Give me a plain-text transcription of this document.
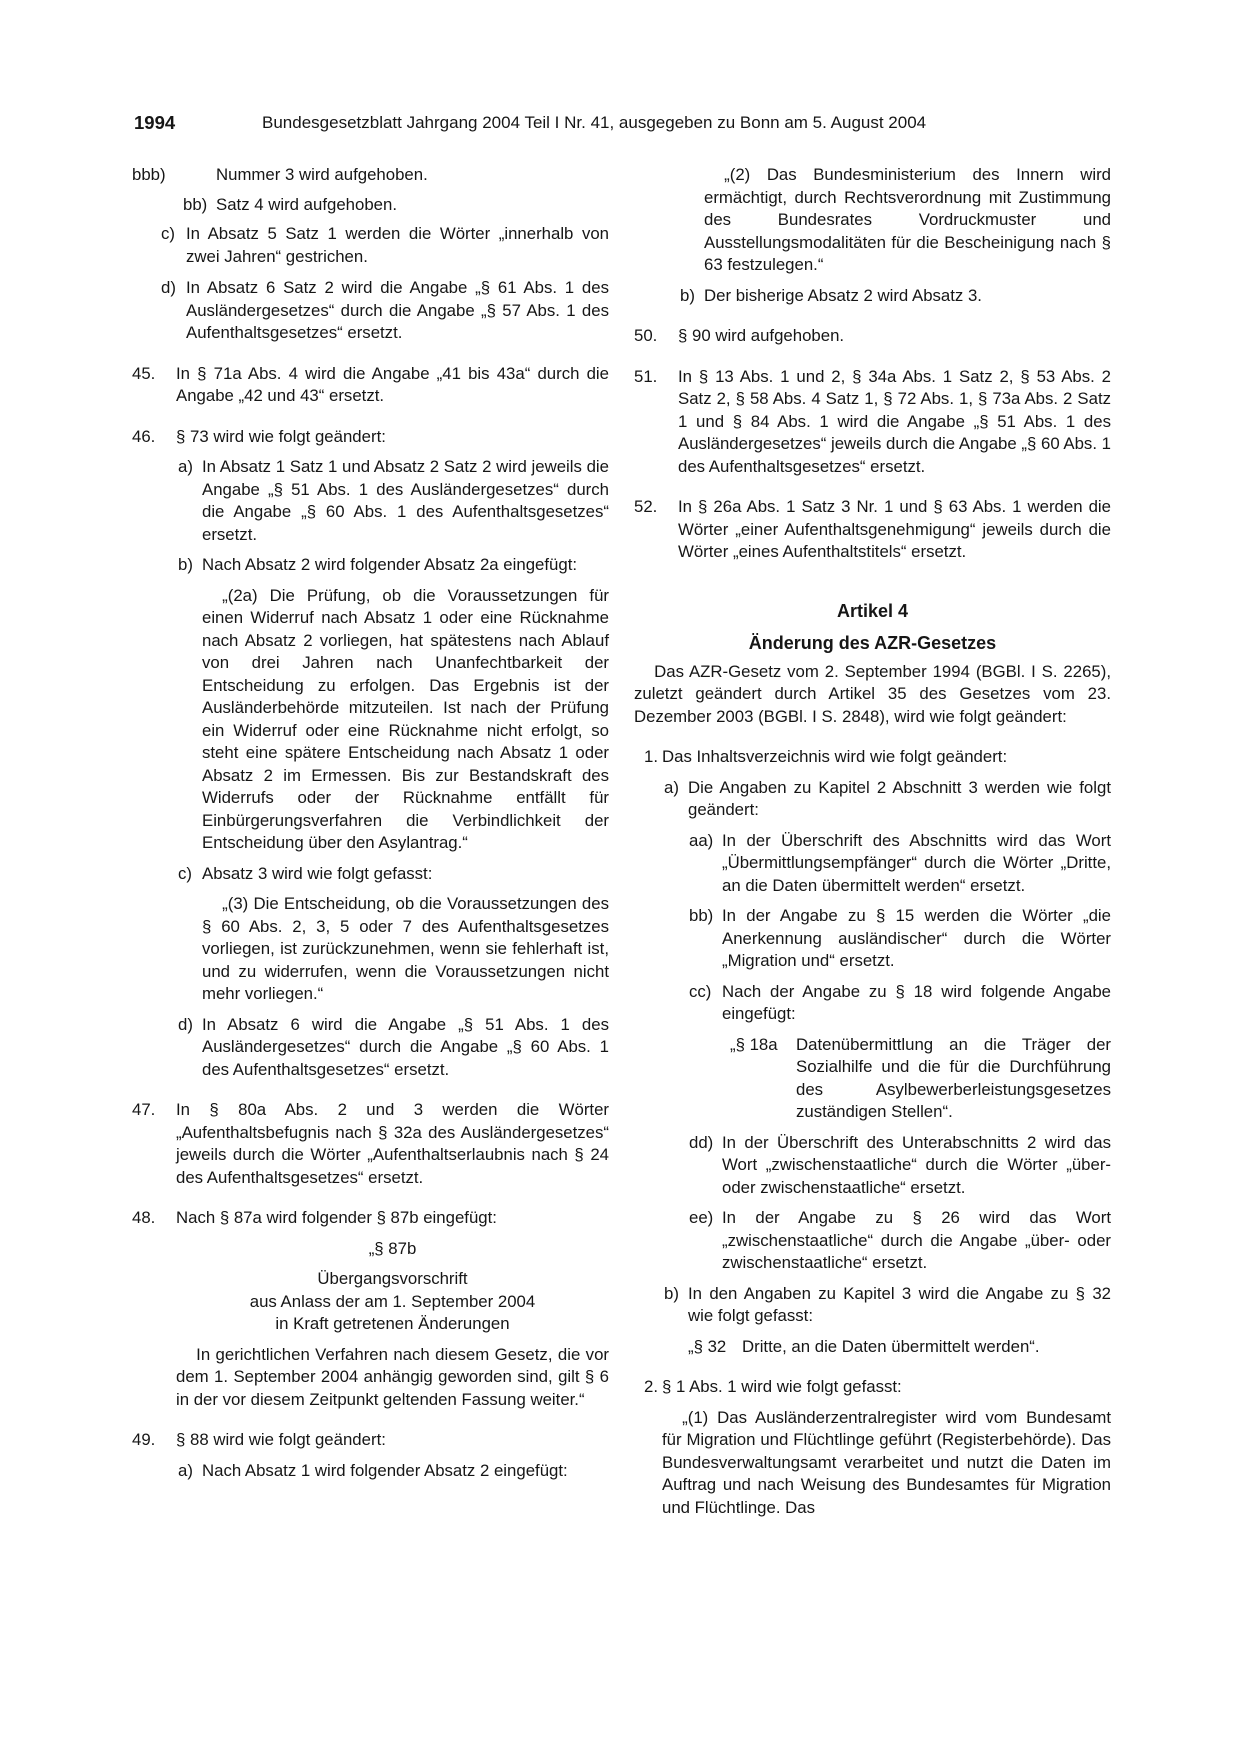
1994	Bundesgesetzblatt Jahrgang 2004 Teil I Nr. 41, ausgegeben zu Bonn am 5. August 2004
bbb)	Nummer 3 wird aufgehoben.

bb) Satz 4 wird aufgehoben.
c) In Absatz 5 Satz 1 werden die Wörter „innerhalb von zwei Jahren“ gestrichen.
d) In Absatz 6 Satz 2 wird die Angabe „§ 61 Abs. 1 des Ausländergesetzes“ durch die Angabe „§ 57 Abs. 1 des Aufenthaltsgesetzes“ ersetzt.
45. In § 71a Abs. 4 wird die Angabe „41 bis 43a“ durch die Angabe „42 und 43“ ersetzt.
46. § 73 wird wie folgt geändert:
a) In Absatz 1 Satz 1 und Absatz 2 Satz 2 wird jeweils die Angabe „§ 51 Abs. 1 des Ausländergesetzes“ durch die Angabe „§ 60 Abs. 1 des Aufenthaltsgesetzes“ ersetzt.
b) Nach Absatz 2 wird folgender Absatz 2a eingefügt:
„(2a) Die Prüfung, ob die Voraussetzungen für einen Widerruf nach Absatz 1 oder eine Rücknahme nach Absatz 2 vorliegen, hat spätestens nach Ablauf von drei Jahren nach Unanfechtbarkeit der Entscheidung zu erfolgen. Das Ergebnis ist der Ausländerbehörde mitzuteilen. Ist nach der Prüfung ein Widerruf oder eine Rücknahme nicht erfolgt, so steht eine spätere Entscheidung nach Absatz 1 oder Absatz 2 im Ermessen. Bis zur Bestandskraft des Widerrufs oder der Rücknahme entfällt für Einbürgerungsverfahren die Verbindlichkeit der Entscheidung über den Asylantrag.“
c) Absatz 3 wird wie folgt gefasst:
„(3) Die Entscheidung, ob die Voraussetzungen des § 60 Abs. 2, 3, 5 oder 7 des Aufenthaltsgesetzes vorliegen, ist zurückzunehmen, wenn sie fehlerhaft ist, und zu widerrufen, wenn die Voraussetzungen nicht mehr vorliegen.“
d) In Absatz 6 wird die Angabe „§ 51 Abs. 1 des Ausländergesetzes“ durch die Angabe „§ 60 Abs. 1 des Aufenthaltsgesetzes“ ersetzt.
47. In § 80a Abs. 2 und 3 werden die Wörter „Aufenthaltsbefugnis nach § 32a des Ausländergesetzes“ jeweils durch die Wörter „Aufenthaltserlaubnis nach § 24 des Aufenthaltsgesetzes“ ersetzt.
48. Nach § 87a wird folgender § 87b eingefügt:
„§ 87b
Übergangsvorschrift
aus Anlass der am 1. September 2004
in Kraft getretenen Änderungen
In gerichtlichen Verfahren nach diesem Gesetz, die vor dem 1. September 2004 anhängig geworden sind, gilt § 6 in der vor diesem Zeitpunkt geltenden Fassung weiter.“
49. § 88 wird wie folgt geändert:
a) Nach Absatz 1 wird folgender Absatz 2 eingefügt:
„(2) Das Bundesministerium des Innern wird ermächtigt, durch Rechtsverordnung mit Zustimmung des Bundesrates Vordruckmuster und Ausstellungsmodalitäten für die Bescheinigung nach § 63 festzulegen.“
b) Der bisherige Absatz 2 wird Absatz 3.
50. § 90 wird aufgehoben.
51. In § 13 Abs. 1 und 2, § 34a Abs. 1 Satz 2, § 53 Abs. 2 Satz 2, § 58 Abs. 4 Satz 1, § 72 Abs. 1, § 73a Abs. 2 Satz 1 und § 84 Abs. 1 wird die Angabe „§ 51 Abs. 1 des Ausländergesetzes“ jeweils durch die Angabe „§ 60 Abs. 1 des Aufenthaltsgesetzes“ ersetzt.
52. In § 26a Abs. 1 Satz 3 Nr. 1 und § 63 Abs. 1 werden die Wörter „einer Aufenthaltsgenehmigung“ jeweils durch die Wörter „eines Aufenthaltstitels“ ersetzt.
Artikel 4
Änderung des AZR-Gesetzes
Das AZR-Gesetz vom 2. September 1994 (BGBl. I S. 2265), zuletzt geändert durch Artikel 35 des Gesetzes vom 23. Dezember 2003 (BGBl. I S. 2848), wird wie folgt geändert:
1. Das Inhaltsverzeichnis wird wie folgt geändert:
a) Die Angaben zu Kapitel 2 Abschnitt 3 werden wie folgt geändert:
aa) In der Überschrift des Abschnitts wird das Wort „Übermittlungsempfänger“ durch die Wörter „Dritte, an die Daten übermittelt werden“ ersetzt.
bb) In der Angabe zu § 15 werden die Wörter „die Anerkennung ausländischer“ durch die Wörter „Migration und“ ersetzt.
cc) Nach der Angabe zu § 18 wird folgende Angabe eingefügt:
„§ 18a Datenübermittlung an die Träger der Sozialhilfe und die für die Durchführung des Asylbewerberleistungsgesetzes zuständigen Stellen“.
dd) In der Überschrift des Unterabschnitts 2 wird das Wort „zwischenstaatliche“ durch die Wörter „über- oder zwischenstaatliche“ ersetzt.
ee) In der Angabe zu § 26 wird das Wort „zwischenstaatliche“ durch die Angabe „über- oder zwischenstaatliche“ ersetzt.
b) In den Angaben zu Kapitel 3 wird die Angabe zu § 32 wie folgt gefasst:
„§ 32 Dritte, an die Daten übermittelt werden“.
2. § 1 Abs. 1 wird wie folgt gefasst:
„(1) Das Ausländerzentralregister wird vom Bundesamt für Migration und Flüchtlinge geführt (Registerbehörde). Das Bundesverwaltungsamt verarbeitet und nutzt die Daten im Auftrag und nach Weisung des Bundesamtes für Migration und Flüchtlinge. Das
